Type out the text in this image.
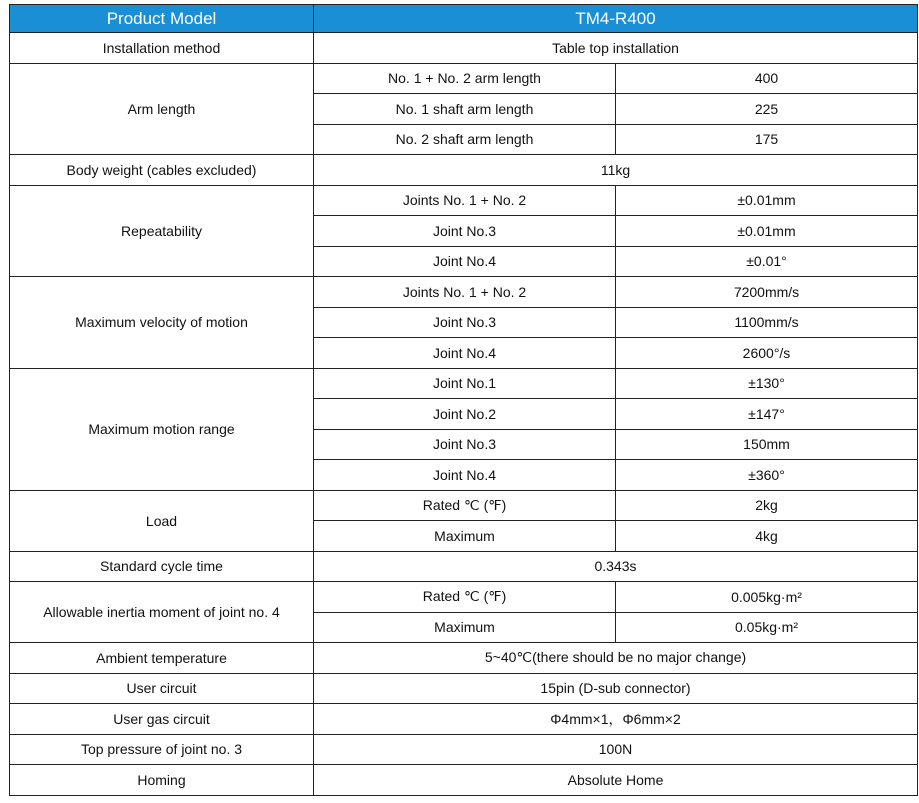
Product Model	TM4-R400	
Installation method	Table top installation	
Arm length	No. 1 + No. 2 arm length	400
	No. 1 shaft arm length	225
	No. 2 shaft arm length	175
Body weight (cables excluded)	11kg	
Repeatability	Joints No. 1 + No. 2	±0.01mm
	Joint No.3	±0.01mm
	Joint No.4	±0.01°
Maximum velocity of motion	Joints No. 1 + No. 2	7200mm/s
	Joint No.3	1100mm/s
	Joint No.4	2600°/s
Maximum motion range	Joint No.1	±130°
	Joint No.2	±147°
	Joint No.3	150mm
	Joint No.4	±360°
Load	Rated ℃ (℉)	2kg
	Maximum	4kg
Standard cycle time	0.343s	
Allowable inertia moment of joint no. 4	Rated ℃ (℉)	0.005kg·m²
	Maximum	0.05kg·m²
Ambient temperature	5~40℃(there should be no major change)	
User circuit	15pin (D-sub connector)	
User gas circuit	Φ4mm×1，Φ6mm×2	
Top pressure of joint no. 3	100N	
Homing	Absolute Home	
